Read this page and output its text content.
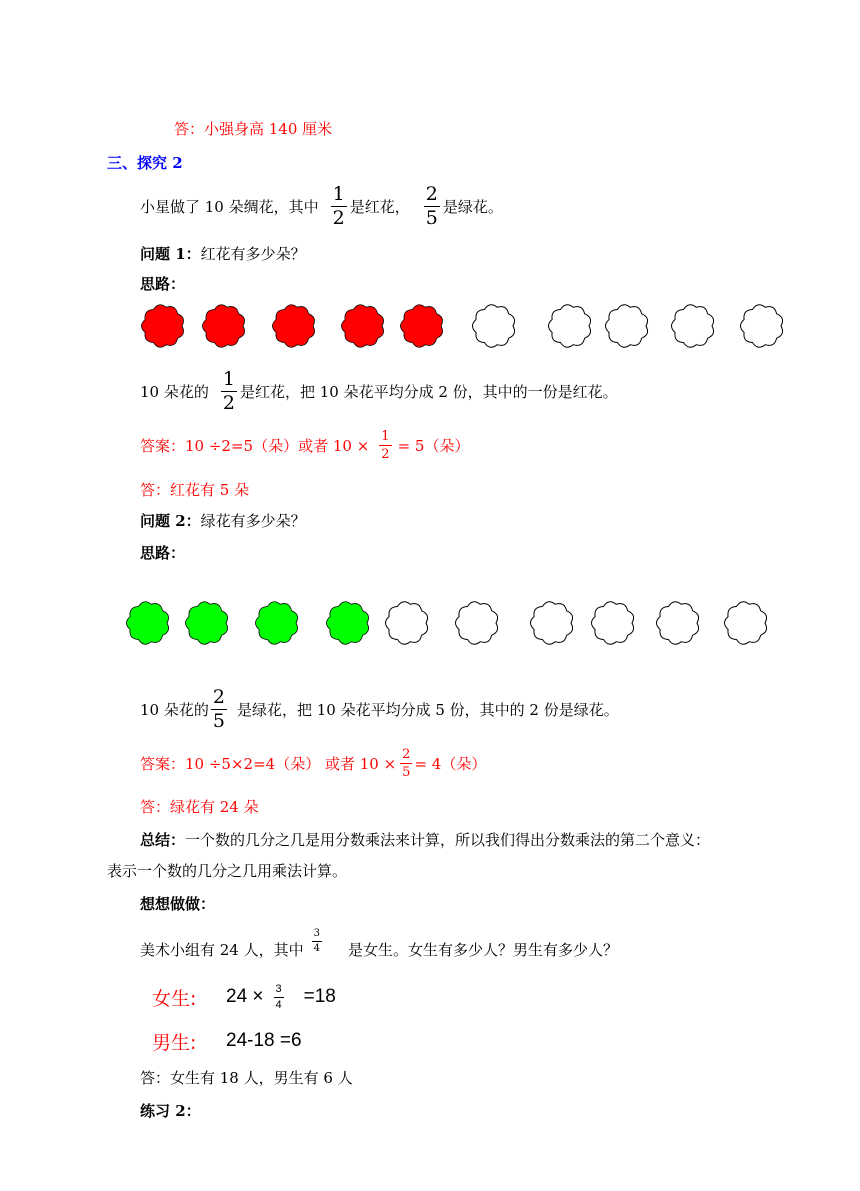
答：小强身高 140 厘米
三、探究 2
小星做了 10 朵绸花，其中 $\frac{1}{2}$ 是红花， $\frac{2}{5}$ 是绿花。
问题 1：红花有多少朵？
思路：
10 朵花的 $\frac{1}{2}$ 是红花，把 10 朵花平均分成 2 份，其中的一份是红花。
答案：10 ÷2=5（朵）或者 $10 \times \frac{1}{2} = 5$（朵）
答：红花有 5 朵
问题 2：绿花有多少朵？
思路：
10 朵花的 $\frac{2}{5}$ 是绿花，把 10 朵花平均分成 5 份，其中的 2 份是绿花。
答案：10 ÷5×2=4（朵） 或者 $10 \times \frac{2}{5} = 4$（朵）
答：绿花有 24 朵
总结：一个数的几分之几是用分数乘法来计算，所以我们得出分数乘法的第二个意义：
表示一个数的几分之几用乘法计算。
想想做做：
美术小组有 24 人，其中 $\frac{3}{4}$ 是女生。女生有多少人？男生有多少人？
女生:	$24 \times \frac{3}{4} =18$
男生:	24-18 =6
答：女生有 18 人，男生有 6 人
练习 2：
